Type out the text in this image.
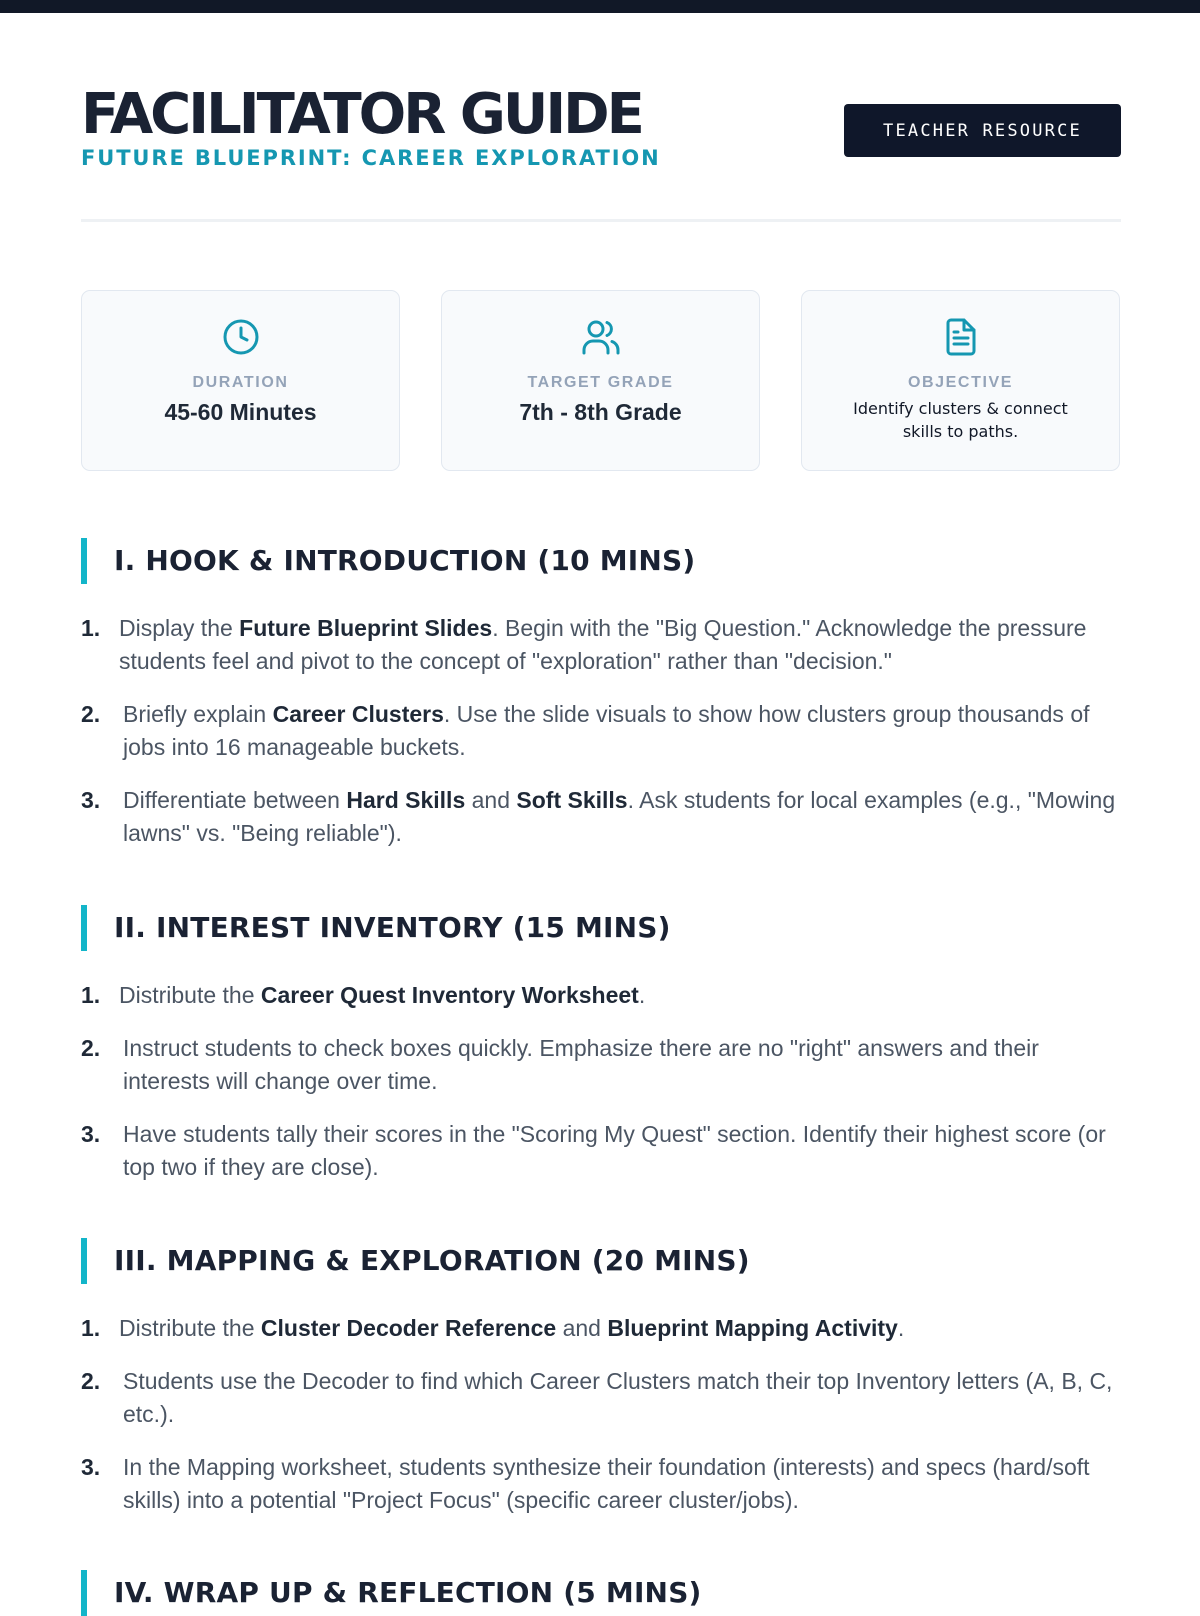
FACILITATOR GUIDE
FUTURE BLUEPRINT: CAREER EXPLORATION
TEACHER RESOURCE
DURATION
45-60 Minutes
TARGET GRADE
7th - 8th Grade
OBJECTIVE
Identify clusters & connect skills to paths.
I. HOOK & INTRODUCTION (10 MINS)
1. Display the Future Blueprint Slides. Begin with the "Big Question." Acknowledge the pressure students feel and pivot to the concept of "exploration" rather than "decision."
2. Briefly explain Career Clusters. Use the slide visuals to show how clusters group thousands of jobs into 16 manageable buckets.
3. Differentiate between Hard Skills and Soft Skills. Ask students for local examples (e.g., "Mowing lawns" vs. "Being reliable").
II. INTEREST INVENTORY (15 MINS)
1. Distribute the Career Quest Inventory Worksheet.
2. Instruct students to check boxes quickly. Emphasize there are no "right" answers and their interests will change over time.
3. Have students tally their scores in the "Scoring My Quest" section. Identify their highest score (or top two if they are close).
III. MAPPING & EXPLORATION (20 MINS)
1. Distribute the Cluster Decoder Reference and Blueprint Mapping Activity.
2. Students use the Decoder to find which Career Clusters match their top Inventory letters (A, B, C, etc.).
3. In the Mapping worksheet, students synthesize their foundation (interests) and specs (hard/soft skills) into a potential "Project Focus" (specific career cluster/jobs).
IV. WRAP UP & REFLECTION (5 MINS)
